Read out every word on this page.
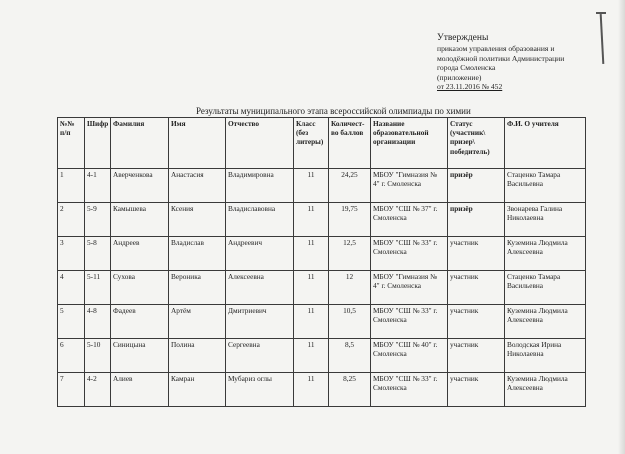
Утверждены
приказом управления образования и
молодёжной политики Администрации
города Смоленска
(приложение)
от 23.11.2016 № 452
Результаты муниципального этапа всероссийской олимпиады по химии
№№ п/п	Шифр	Фамилия	Имя	Отчество	Класс (без литеры)	Количест-во баллов	Название образовательной организации	Статус (участник\ призер\ победитель)	Ф.И. О учителя
1	4-1	Аверченкова	Анастасия	Владимировна	11	24,25	МБОУ "Гимназия № 4" г. Смоленска	призёр	Стаценко Тамара Васильевна
2	5-9	Камышева	Ксения	Владиславовна	11	19,75	МБОУ "СШ № 37" г. Смоленска	призёр	Звонарева Галина Николаевна
3	5-8	Андреев	Владислав	Андреевич	11	12,5	МБОУ "СШ № 33" г. Смоленска	участник	Куземина Людмила Алексеевна
4	5-11	Сухова	Вероника	Алексеевна	11	12	МБОУ "Гимназия № 4" г. Смоленска	участник	Стаценко Тамара Васильевна
5	4-8	Фадеев	Артём	Дмитриевич	11	10,5	МБОУ "СШ № 33" г. Смоленска	участник	Куземина Людмила Алексеевна
6	5-10	Синицына	Полина	Сергеевна	11	8,5	МБОУ "СШ № 40" г. Смоленска	участник	Володская Ирина Николаевна
7	4-2	Алиев	Камран	Мубариз оглы	11	8,25	МБОУ "СШ № 33" г. Смоленска	участник	Куземина Людмила Алексеевна
